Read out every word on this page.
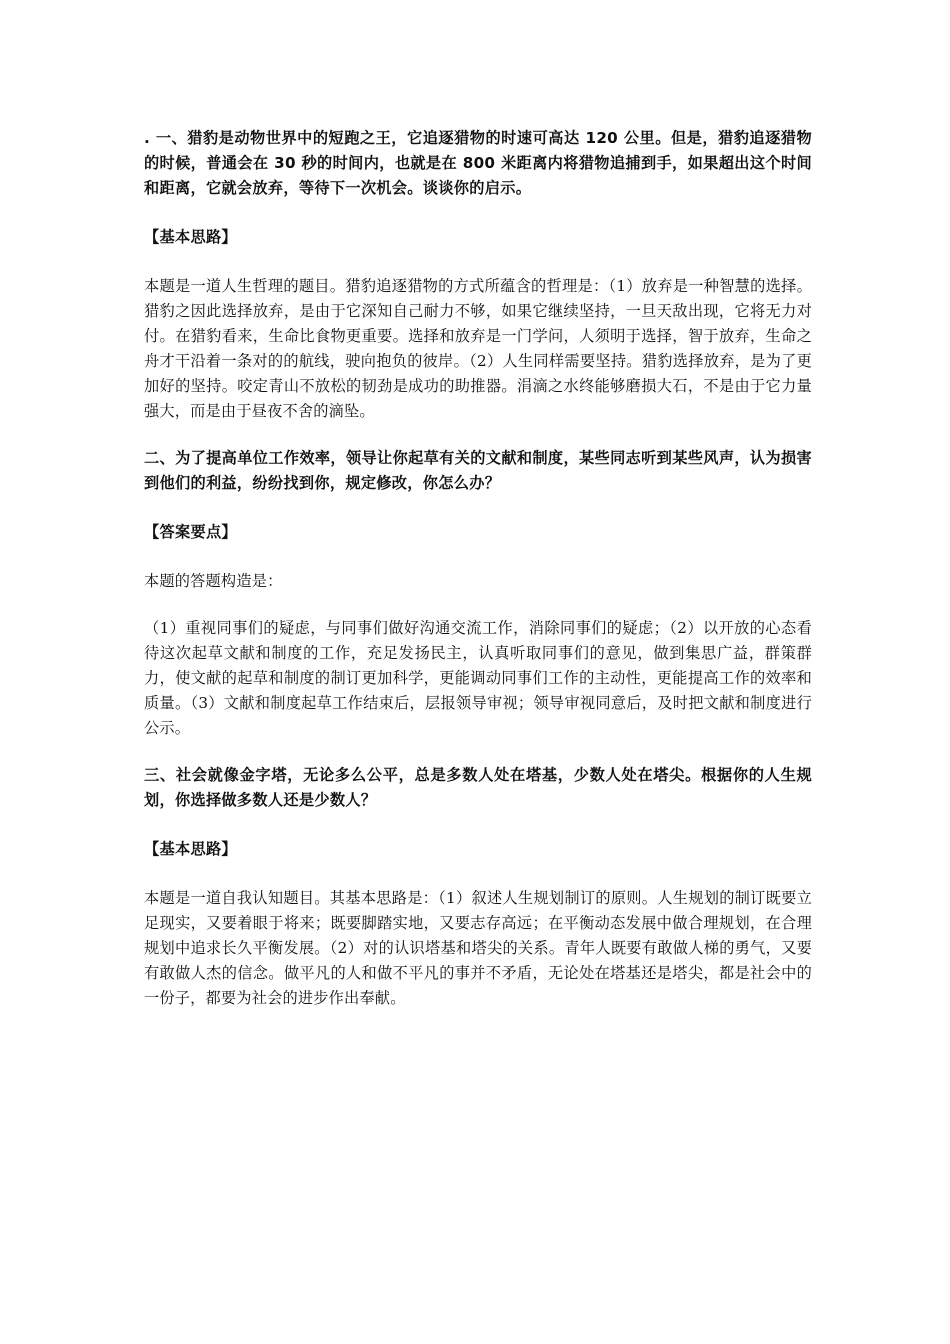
. 一、猎豹是动物世界中的短跑之王，它追逐猎物的时速可高达 120 公里。但是，猎豹追逐猎物的时候，普通会在 30 秒的时间内，也就是在 800 米距离内将猎物追捕到手，如果超出这个时间和距离，它就会放弃，等待下一次机会。谈谈你的启示。

【基本思路】

本题是一道人生哲理的题目。猎豹追逐猎物的方式所蕴含的哲理是：（1）放弃是一种智慧的选择。猎豹之因此选择放弃，是由于它深知自己耐力不够，如果它继续坚持，一旦天敌出现，它将无力对付。在猎豹看来，生命比食物更重要。选择和放弃是一门学问，人须明于选择，智于放弃，生命之舟才干沿着一条对的的航线，驶向抱负的彼岸。（2）人生同样需要坚持。猎豹选择放弃，是为了更加好的坚持。咬定青山不放松的韧劲是成功的助推器。涓滴之水终能够磨损大石，不是由于它力量强大，而是由于昼夜不舍的滴坠。

二、为了提高单位工作效率，领导让你起草有关的文献和制度，某些同志听到某些风声，认为损害到他们的利益，纷纷找到你，规定修改，你怎么办？

【答案要点】

本题的答题构造是：

（1）重视同事们的疑虑，与同事们做好沟通交流工作，消除同事们的疑虑；（2）以开放的心态看待这次起草文献和制度的工作，充足发扬民主，认真听取同事们的意见，做到集思广益，群策群力，使文献的起草和制度的制订更加科学，更能调动同事们工作的主动性，更能提高工作的效率和质量。（3）文献和制度起草工作结束后，层报领导审视；领导审视同意后，及时把文献和制度进行公示。

三、社会就像金字塔，无论多么公平，总是多数人处在塔基，少数人处在塔尖。根据你的人生规划，你选择做多数人还是少数人？

【基本思路】

本题是一道自我认知题目。其基本思路是：（1）叙述人生规划制订的原则。人生规划的制订既要立足现实，又要着眼于将来；既要脚踏实地，又要志存高远；在平衡动态发展中做合理规划，在合理规划中追求长久平衡发展。（2）对的认识塔基和塔尖的关系。青年人既要有敢做人梯的勇气，又要有敢做人杰的信念。做平凡的人和做不平凡的事并不矛盾，无论处在塔基还是塔尖，都是社会中的一份子，都要为社会的进步作出奉献。
